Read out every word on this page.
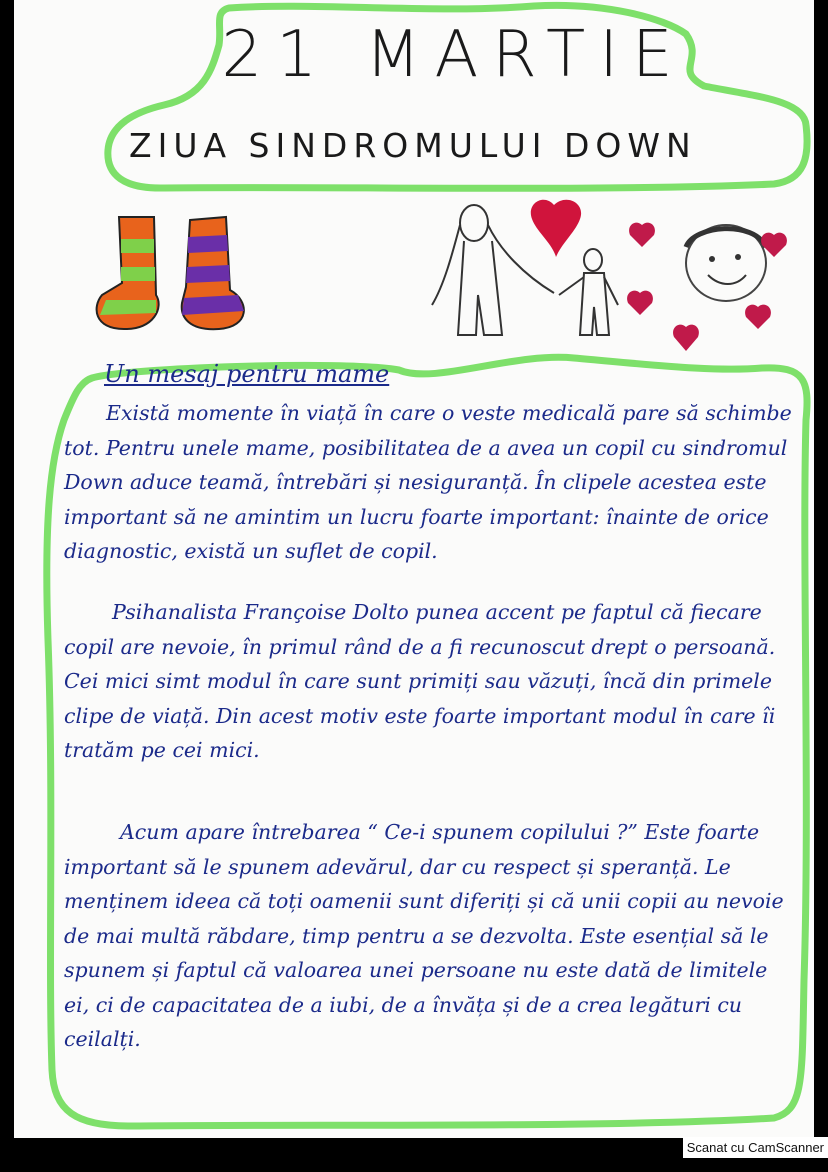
21 MARTIE
ZIUA SINDROMULUI DOWN
Un mesaj pentru mame

Există momente în viață în care o veste medicală pare să schimbe tot. Pentru unele mame, posibilitatea de a avea un copil cu sindromul Down aduce teamă, întrebări și nesiguranță. În clipele acestea este important să ne amintim un lucru foarte important: înainte de orice diagnostic, există un suflet de copil.

Psihanalista Françoise Dolto punea accent pe faptul că fiecare copil are nevoie, în primul rând de a fi recunoscut drept o persoană. Cei mici simt modul în care sunt primiți sau văzuți, încă din primele clipe de viață. Din acest motiv este foarte important modul în care îi tratăm pe cei mici.

Acum apare întrebarea “ Ce-i spunem copilului ?” Este foarte important să le spunem adevărul, dar cu respect și speranță. Le menținem ideea că toți oamenii sunt diferiți și că unii copii au nevoie de mai multă răbdare, timp pentru a se dezvolta. Este esențial să le spunem și faptul că valoarea unei persoane nu este dată de limitele ei, ci de capacitatea de a iubi, de a învăța și de a crea legături cu ceilalți.

Scanat cu CamScanner
